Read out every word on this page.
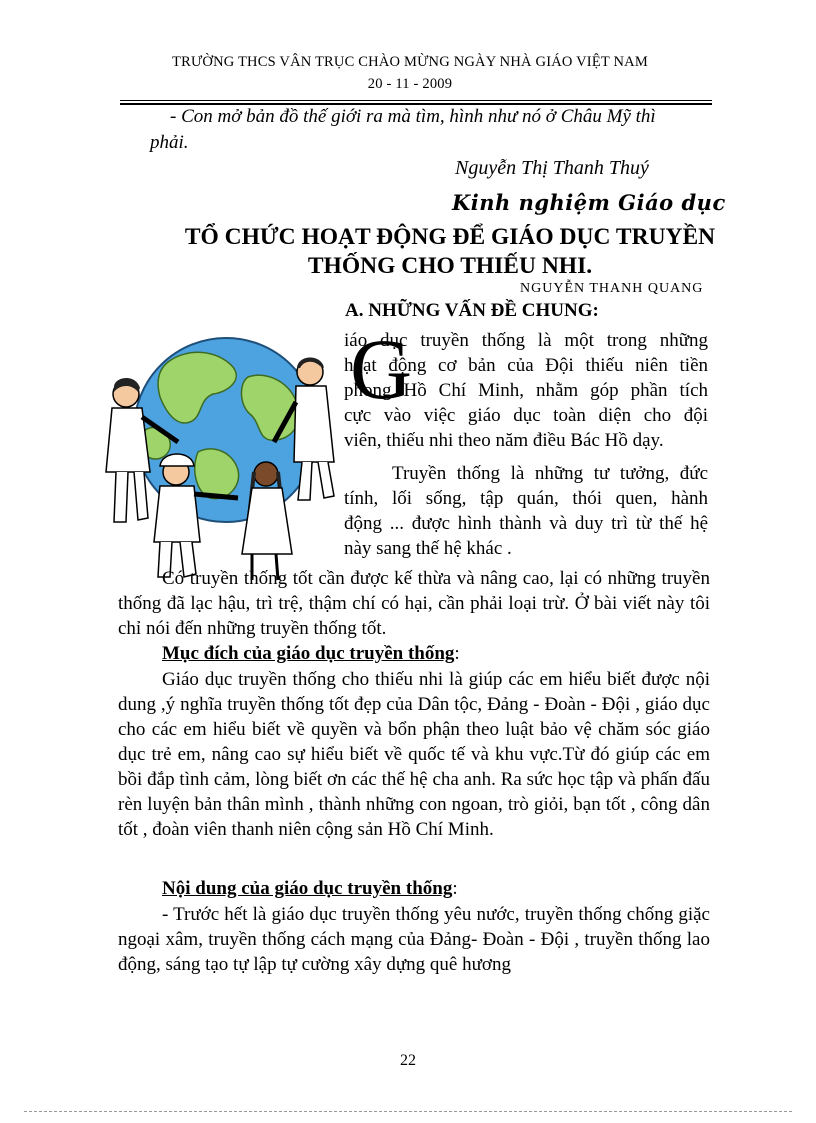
TRƯỜNG THCS VÂN TRỤC CHÀO MỪNG NGÀY NHÀ GIÁO VIỆT NAM
20 - 11 - 2009
- Con mở bản đồ thế giới ra mà tìm, hình như nó ở Châu Mỹ thì
phải.
Nguyễn Thị Thanh Thuý
Kinh nghiệm Giáo dục
TỔ CHỨC HOẠT ĐỘNG ĐỂ GIÁO DỤC TRUYỀN
THỐNG CHO THIẾU NHI.
NGUYỄN THANH QUANG
A. NHỮNG VẤN ĐỀ CHUNG:
G
iáo dục truyền thống là một trong những
hoạt động cơ bản của Đội thiếu niên tiền
phong Hồ Chí Minh, nhằm góp phần tích
cực vào việc giáo dục toàn diện cho đội
viên, thiếu nhi theo năm điều Bác Hồ dạy.
Truyền thống là những tư tưởng, đức
tính, lối sống, tập quán, thói quen, hành
động ... được hình thành và duy trì từ thế hệ
này sang thế hệ khác .
Có truyền thống tốt cần được kế thừa và nâng cao, lại có những truyền thống đã lạc hậu, trì trệ, thậm chí có hại, cần phải loại trừ. Ở bài viết này tôi chỉ nói đến những truyền thống tốt.
Mục đích của giáo dục truyền thống:
Giáo dục truyền thống cho thiếu nhi là giúp các em hiểu biết được nội dung ,ý nghĩa truyền thống tốt đẹp của Dân tộc, Đảng - Đoàn - Đội , giáo dục cho các em hiểu biết về quyền và bổn phận theo luật bảo vệ chăm sóc giáo dục trẻ em, nâng cao sự hiểu biết về quốc tế và khu vực.Từ đó giúp các em bồi đắp tình cảm, lòng biết ơn các thế hệ cha anh. Ra sức học tập và phấn đấu rèn luyện bản thân mình , thành những con ngoan, trò giỏi, bạn tốt , công dân tốt , đoàn viên thanh niên cộng sản Hồ Chí Minh.
Nội dung của giáo dục truyền thống:
- Trước hết là giáo dục truyền thống yêu nước, truyền thống chống giặc ngoại xâm, truyền thống cách mạng của Đảng- Đoàn - Đội , truyền thống lao động, sáng tạo tự lập tự cường xây dựng quê hương
22
